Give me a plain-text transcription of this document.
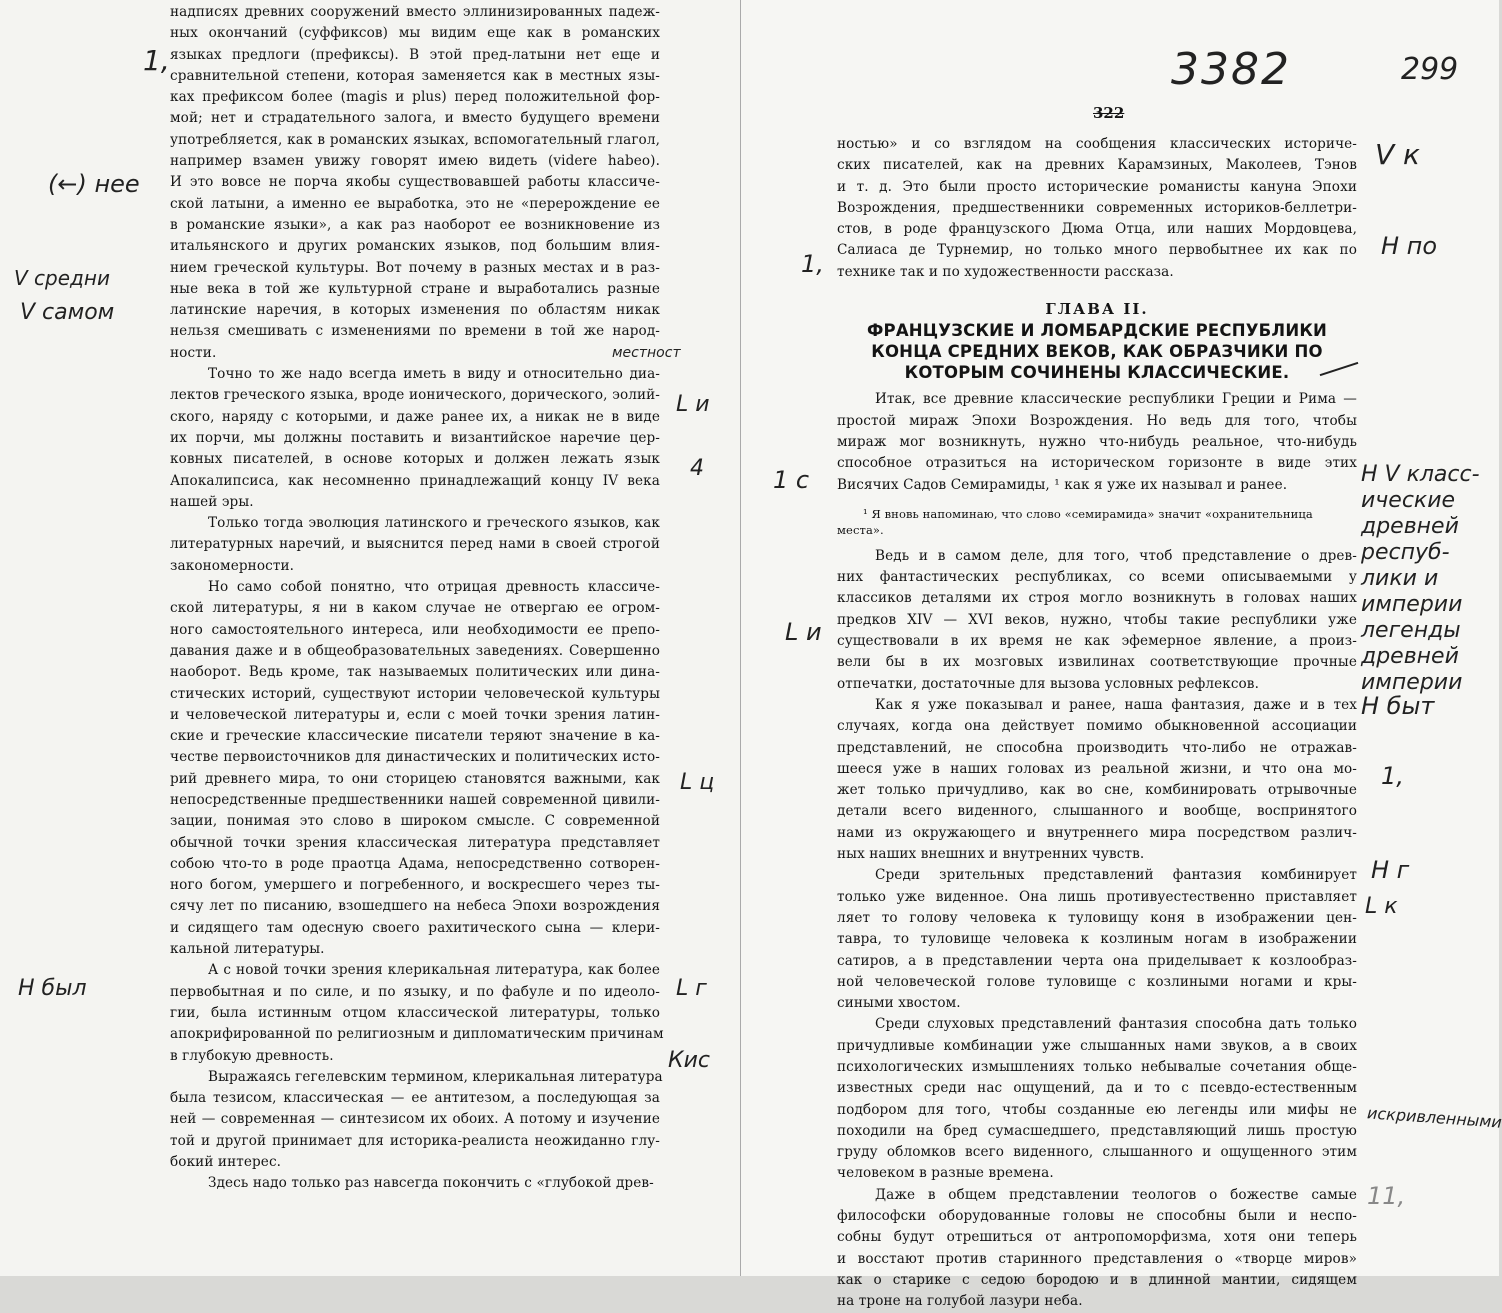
надписях древних сооружений вместо эллинизированных падеж-
ных окончаний (суффиксов) мы видим еще как в романских
языках предлоги (префиксы). В этой пред-латыни нет еще и
сравнительной степени, которая заменяется как в местных язы-
ках префиксом более (magis и plus) перед положительной фор-
мой; нет и страдательного залога, и вместо будущего времени
употребляется, как в романских языках, вспомогательный глагол,
например взамен увижу говорят имею видеть (videre habeo).
И это вовсе не порча якобы существовавшей работы классиче-
ской латыни, а именно ее выработка, это не «перерождение ее
в романские языки», а как раз наоборот ее возникновение из
итальянского и других романских языков, под большим влия-
нием греческой культуры. Вот почему в разных местах и в раз-
ные века в той же культурной стране и выработались разные
латинские наречия, в которых изменения по областям никак
нельзя смешивать с изменениями по времени в той же народ-
ности.
Точно то же надо всегда иметь в виду и относительно диа-
лектов греческого языка, вроде ионического, дорического, эолий-
ского, наряду с которыми, и даже ранее их, а никак не в виде
их порчи, мы должны поставить и византийское наречие цер-
ковных писателей, в основе которых и должен лежать язык
Апокалипсиса, как несомненно принадлежащий концу IV века
нашей эры.
Только тогда эволюция латинского и греческого языков, как
литературных наречий, и выяснится перед нами в своей строгой
закономерности.
Но само собой понятно, что отрицая древность классиче-
ской литературы, я ни в каком случае не отвергаю ее огром-
ного самостоятельного интереса, или необходимости ее препо-
давания даже и в общеобразовательных заведениях. Совершенно
наоборот. Ведь кроме, так называемых политических или дина-
стических историй, существуют истории человеческой культуры
и человеческой литературы и, если с моей точки зрения латин-
ские и греческие классические писатели теряют значение в ка-
честве первоисточников для династических и политических исто-
рий древнего мира, то они сторицею становятся важными, как
непосредственные предшественники нашей современной цивили-
зации, понимая это слово в широком смысле. С современной
обычной точки зрения классическая литература представляет
собою что-то в роде праотца Адама, непосредственно сотворен-
ного богом, умершего и погребенного, и воскресшего через ты-
сячу лет по писанию, взошедшего на небеса Эпохи возрождения
и сидящего там одесную своего рахитического сына — клери-
кальной литературы.
А с новой точки зрения клерикальная литература, как более
первобытная и по силе, и по языку, и по фабуле и по идеоло-
гии, была истинным отцом классической литературы, только
апокрифированной по религиозным и дипломатическим причинам
в глубокую древность.
Выражаясь гегелевским термином, клерикальная литература
была тезисом, классическая — ее антитезом, а последующая за
ней — современная — синтезисом их обоих. А потому и изучение
той и другой принимает для историка-реалиста неожиданно глу-
бокий интерес.
Здесь надо только раз навсегда покончить с «глубокой древ-
1,
(←) нее
V средни
V самом
местност
L и
4
L ц
L г
Н был
Кис
3382	299
322
ностью» и со взглядом на сообщения классических историче-
ских писателей, как на древних Карамзиных, Маколеев, Тэнов
и т. д. Это были просто исторические романисты кануна Эпохи
Возрождения, предшественники современных историков-беллетри-
стов, в роде французского Дюма Отца, или наших Мордовцева,
Салиаса де Турнемир, но только много первобытнее их как по
технике так и по художественности рассказа.
ГЛАВА II.
ФРАНЦУЗСКИЕ И ЛОМБАРДСКИЕ РЕСПУБЛИКИ
КОНЦА СРЕДНИХ ВЕКОВ, КАК ОБРАЗЧИКИ ПО
КОТОРЫМ СОЧИНЕНЫ КЛАССИЧЕСКИЕ.
Итак, все древние классические республики Греции и Рима —
простой мираж Эпохи Возрождения. Но ведь для того, чтобы
мираж мог возникнуть, нужно что-нибудь реальное, что-нибудь
способное отразиться на историческом горизонте в виде этих
Висячих Садов Семирамиды, ¹ как я уже их называл и ранее.
¹ Я вновь напоминаю, что слово «семирамида» значит «охранительница
места».
Ведь и в самом деле, для того, чтоб представление о древ-
них фантастических республиках, со всеми описываемыми у
классиков деталями их строя могло возникнуть в головах наших
предков XIV — XVI веков, нужно, чтобы такие республики уже
существовали в их время не как эфемерное явление, а произ-
вели бы в их мозговых извилинах соответствующие прочные
отпечатки, достаточные для вызова условных рефлексов.
Как я уже показывал и ранее, наша фантазия, даже и в тех
случаях, когда она действует помимо обыкновенной ассоциации
представлений, не способна производить что-либо не отражав-
шееся уже в наших головах из реальной жизни, и что она мо-
жет только причудливо, как во сне, комбинировать отрывочные
детали всего виденного, слышанного и вообще, воспринятого
нами из окружающего и внутреннего мира посредством различ-
ных наших внешних и внутренних чувств.
Среди зрительных представлений фантазия комбинирует
только уже виденное. Она лишь противуестественно приставляет
ляет то голову человека к туловищу коня в изображении цен-
тавра, то туловище человека к козлиным ногам в изображении
сатиров, а в представлении черта она приделывает к козлообраз-
ной человеческой голове туловище с козлиными ногами и кры-
сиными хвостом.
Среди слуховых представлений фантазия способна дать только
причудливые комбинации уже слышанных нами звуков, а в своих
психологических измышлениях только небывалые сочетания обще-
известных среди нас ощущений, да и то с псевдо-естественным
подбором для того, чтобы созданные ею легенды или мифы не
походили на бред сумасшедшего, представляющий лишь простую
груду обломков всего виденного, слышанного и ощущенного этим
человеком в разные времена.
Даже в общем представлении теологов о божестве самые
философски оборудованные головы не способны были и неспо-
собны будут отрешиться от антропоморфизма, хотя они теперь
и восстают против старинного представления о «творце миров»
как о старике с седою бородою и в длинной мантии, сидящем
на троне на голубой лазури неба.
V к
Н по
1,
1 с	Н V класс- ические древней респуб- лики и империи легенды древней империи
L и
Н быт
1,
Н г
L к
искривленными
11,
